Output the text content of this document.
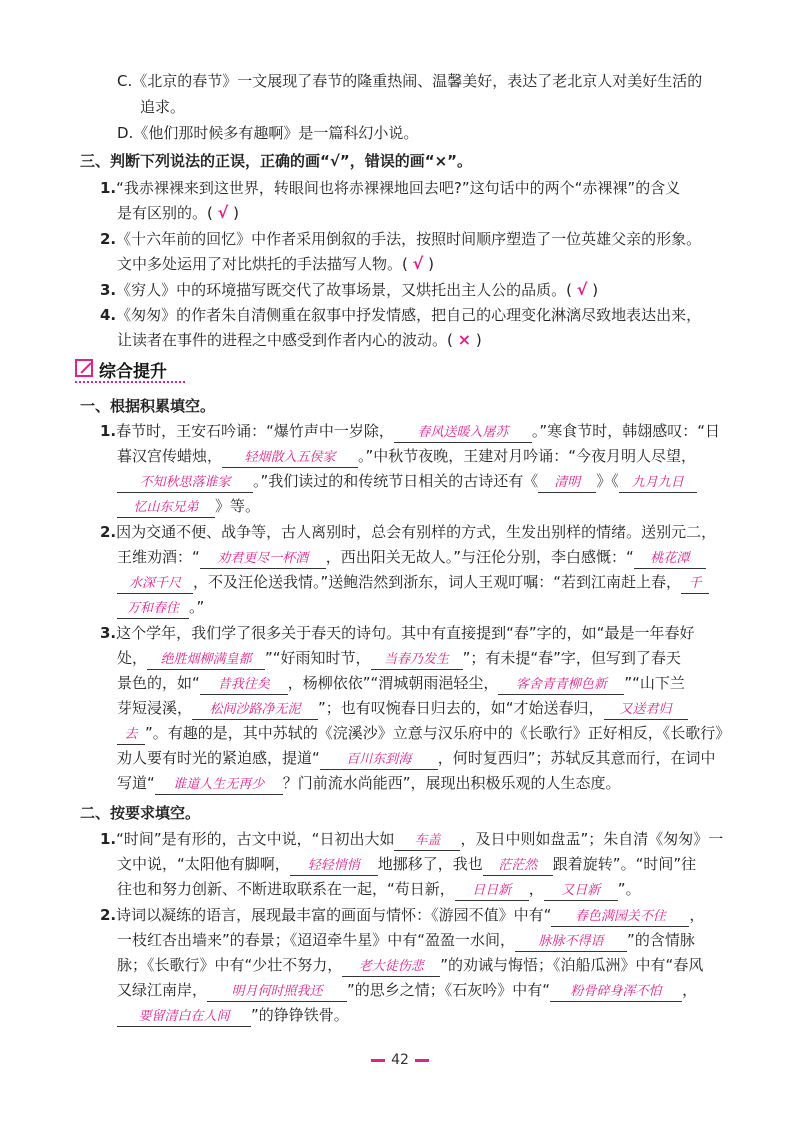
C.《北京的春节》一文展现了春节的隆重热闹、温馨美好，表达了老北京人对美好生活的
追求。
D.《他们那时候多有趣啊》是一篇科幻小说。
三、判断下列说法的正误，正确的画“√”，错误的画“×”。
1.“我赤裸裸来到这世界，转眼间也将赤裸裸地回去吧?”这句话中的两个“赤裸裸”的含义
是有区别的。( √ )
2.《十六年前的回忆》中作者采用倒叙的手法，按照时间顺序塑造了一位英雄父亲的形象。
文中多处运用了对比烘托的手法描写人物。( √ )
3.《穷人》中的环境描写既交代了故事场景，又烘托出主人公的品质。( √ )
4.《匆匆》的作者朱自清侧重在叙事中抒发情感，把自己的心理变化淋漓尽致地表达出来，
让读者在事件的进程之中感受到作者内心的波动。( × )
综合提升
一、根据积累填空。
1.春节时，王安石吟诵：“爆竹声中一岁除， 春风送暖入屠苏 。”寒食节时，韩翃感叹：“日
暮汉宫传蜡烛， 轻烟散入五侯家 。”中秋节夜晚，王建对月吟诵：“今夜月明人尽望，
不知秋思落谁家 。”我们读过的和传统节日相关的古诗还有《 清明 》《 九月九日
忆山东兄弟 》等。
2.因为交通不便、战争等，古人离别时，总会有别样的方式，生发出别样的情绪。送别元二，
王维劝酒：“ 劝君更尽一杯酒 ，西出阳关无故人。”与汪伦分别，李白感慨：“ 桃花潭
水深千尺 ，不及汪伦送我情。”送鲍浩然到浙东，词人王观叮嘱：“若到江南赶上春， 千
万和春住 。”
3.这个学年，我们学了很多关于春天的诗句。其中有直接提到“春”字的，如“最是一年春好
处， 绝胜烟柳满皇都 ”“好雨知时节， 当春乃发生 ”；有未提“春”字，但写到了春天
景色的，如“ 昔我往矣 ，杨柳依依”“渭城朝雨浥轻尘， 客舍青青柳色新 ”“山下兰
芽短浸溪， 松间沙路净无泥 ”；也有叹惋春日归去的，如“才始送春归， 又送君归
去 ”。有趣的是，其中苏轼的《浣溪沙》立意与汉乐府中的《长歌行》正好相反，《长歌行》
劝人要有时光的紧迫感，提道“ 百川东到海 ，何时复西归”；苏轼反其意而行，在词中
写道“ 谁道人生无再少 ？门前流水尚能西”，展现出积极乐观的人生态度。
二、按要求填空。
1.“时间”是有形的，古文中说，“日初出大如 车盖 ，及日中则如盘盂”；朱自清《匆匆》一
文中说，“太阳他有脚啊， 轻轻悄悄 地挪移了，我也 茫茫然 跟着旋转”。“时间”往
往也和努力创新、不断进取联系在一起，“苟日新， 日日新 ， 又日新 ”。
2.诗词以凝练的语言，展现最丰富的画面与情怀：《游园不值》中有“ 春色满园关不住 ，
一枝红杏出墙来”的春景；《迢迢牵牛星》中有“盈盈一水间， 脉脉不得语 ”的含情脉
脉；《长歌行》中有“少壮不努力， 老大徒伤悲 ”的劝诫与悔悟；《泊船瓜洲》中有“春风
又绿江南岸， 明月何时照我还 ”的思乡之情；《石灰吟》中有“ 粉骨碎身浑不怕 ，
要留清白在人间 ”的铮铮铁骨。
42
